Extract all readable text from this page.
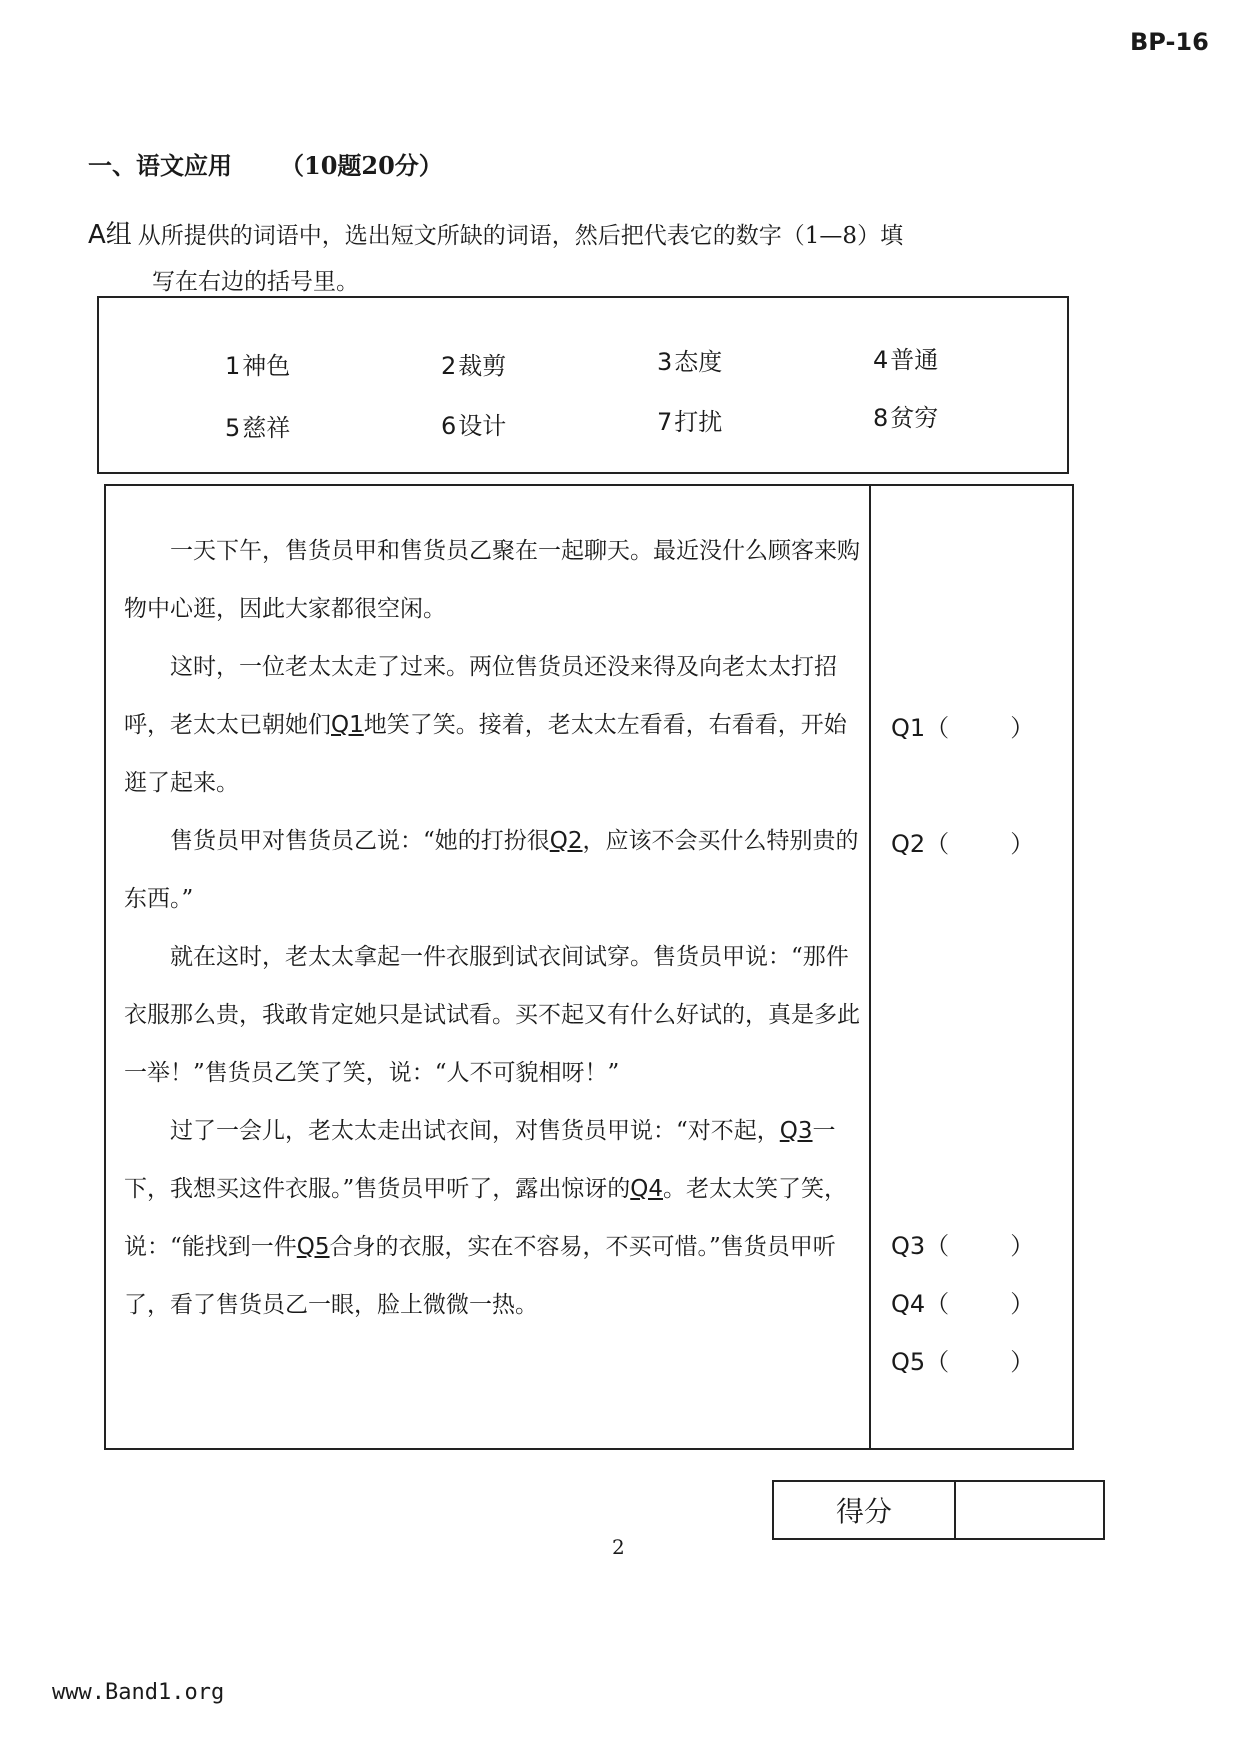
BP-16
一、语文应用 （10题20分）
A组 从所提供的词语中，选出短文所缺的词语，然后把代表它的数字（1—8）填
写在右边的括号里。
1神色	2裁剪	3态度	4普通
5慈祥	6设计	7打扰	8贫穷

一天下午，售货员甲和售货员乙聚在一起聊天。最近没什么顾客来购物中心逛，因此大家都很空闲。

这时，一位老太太走了过来。两位售货员还没来得及向老太太打招呼，老太太已朝她们Q1地笑了笑。接着，老太太左看看，右看看，开始逛了起来。

售货员甲对售货员乙说：“她的打扮很Q2，应该不会买什么特别贵的东西。”

就在这时，老太太拿起一件衣服到试衣间试穿。售货员甲说：“那件衣服那么贵，我敢肯定她只是试试看。买不起又有什么好试的，真是多此一举！”售货员乙笑了笑，说：“人不可貌相呀！”

过了一会儿，老太太走出试衣间，对售货员甲说：“对不起，Q3一下，我想买这件衣服。”售货员甲听了，露出惊讶的Q4。老太太笑了笑，说：“能找到一件Q5合身的衣服，实在不容易，不买可惜。”售货员甲听了，看了售货员乙一眼，脸上微微一热。

Q1（        ）
Q2（        ）
Q3（        ）
Q4（        ）
Q5（        ）
得分
2
www.Band1.org
